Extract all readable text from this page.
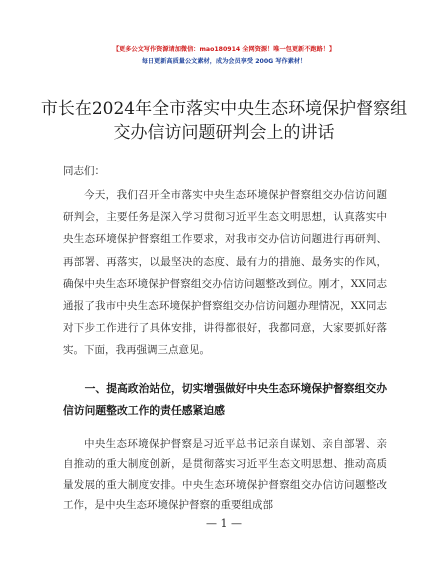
【更多公文写作资源请加微信：mao180914 全网资源！唯一包更新不跑路！】
每日更新高质量公文素材，成为会员享受 200G 写作素材！
市长在2024年全市落实中央生态环境保护督察组交办信访问题研判会上的讲话
同志们：
今天，我们召开全市落实中央生态环境保护督察组交办信访问题研判会，主要任务是深入学习贯彻习近平生态文明思想，认真落实中央生态环境保护督察组工作要求，对我市交办信访问题进行再研判、再部署、再落实，以最坚决的态度、最有力的措施、最务实的作风，确保中央生态环境保护督察组交办信访问题整改到位。刚才，XX同志通报了我市中央生态环境保护督察组交办信访问题办理情况，XX同志对下步工作进行了具体安排，讲得都很好，我都同意，大家要抓好落实。下面，我再强调三点意见。
一、提高政治站位，切实增强做好中央生态环境保护督察组交办信访问题整改工作的责任感紧迫感
中央生态环境保护督察是习近平总书记亲自谋划、亲自部署、亲自推动的重大制度创新，是贯彻落实习近平生态文明思想、推动高质量发展的重大制度安排。中央生态环境保护督察组交办信访问题整改工作，是中央生态环境保护督察的重要组成部
— 1 —
